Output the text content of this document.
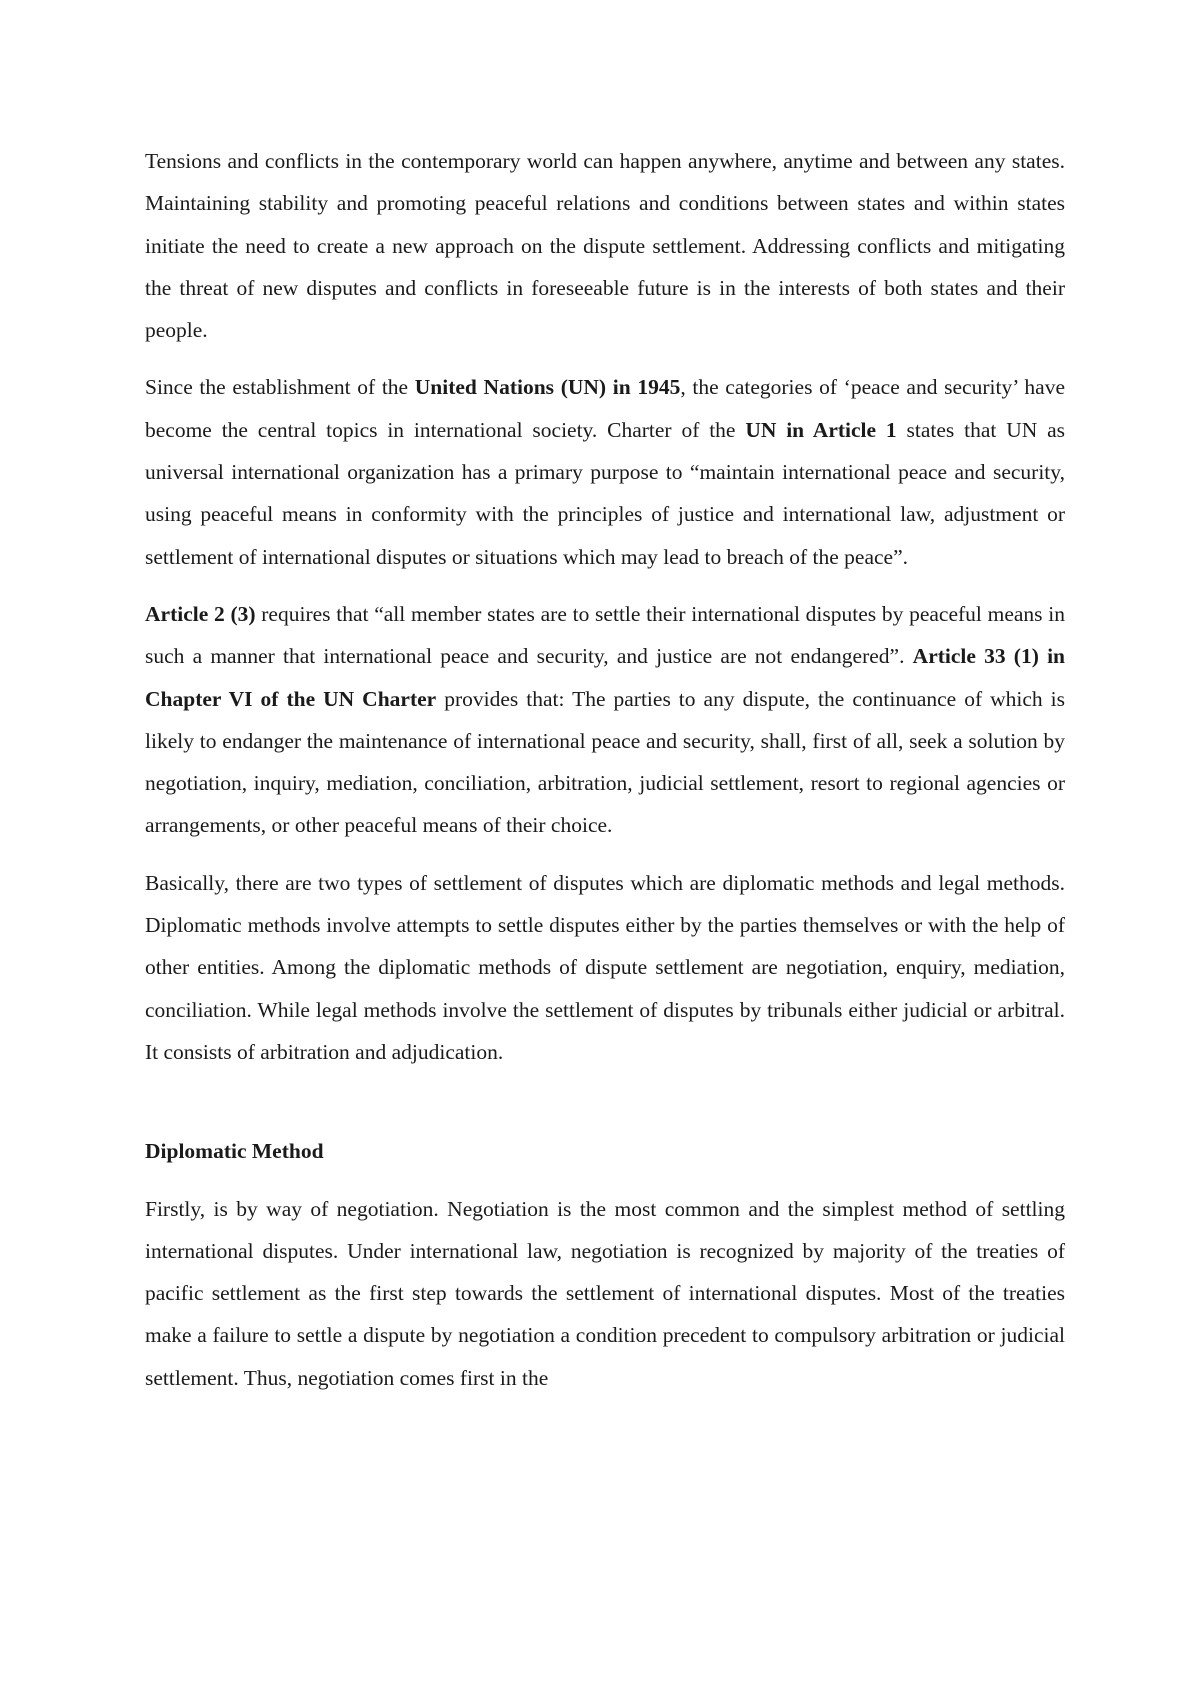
Tensions and conflicts in the contemporary world can happen anywhere, anytime and between any states. Maintaining stability and promoting peaceful relations and conditions between states and within states initiate the need to create a new approach on the dispute settlement. Addressing conflicts and mitigating the threat of new disputes and conflicts in foreseeable future is in the interests of both states and their people.

Since the establishment of the United Nations (UN) in 1945, the categories of ‘peace and security’ have become the central topics in international society. Charter of the UN in Article 1 states that UN as universal international organization has a primary purpose to “maintain international peace and security, using peaceful means in conformity with the principles of justice and international law, adjustment or settlement of international disputes or situations which may lead to breach of the peace”.

Article 2 (3) requires that “all member states are to settle their international disputes by peaceful means in such a manner that international peace and security, and justice are not endangered”. Article 33 (1) in Chapter VI of the UN Charter provides that: The parties to any dispute, the continuance of which is likely to endanger the maintenance of international peace and security, shall, first of all, seek a solution by negotiation, inquiry, mediation, conciliation, arbitration, judicial settlement, resort to regional agencies or arrangements, or other peaceful means of their choice.

Basically, there are two types of settlement of disputes which are diplomatic methods and legal methods. Diplomatic methods involve attempts to settle disputes either by the parties themselves or with the help of other entities. Among the diplomatic methods of dispute settlement are negotiation, enquiry, mediation, conciliation. While legal methods involve the settlement of disputes by tribunals either judicial or arbitral. It consists of arbitration and adjudication.

Diplomatic Method

Firstly, is by way of negotiation. Negotiation is the most common and the simplest method of settling international disputes. Under international law, negotiation is recognized by majority of the treaties of pacific settlement as the first step towards the settlement of international disputes. Most of the treaties make a failure to settle a dispute by negotiation a condition precedent to compulsory arbitration or judicial settlement. Thus, negotiation comes first in the
